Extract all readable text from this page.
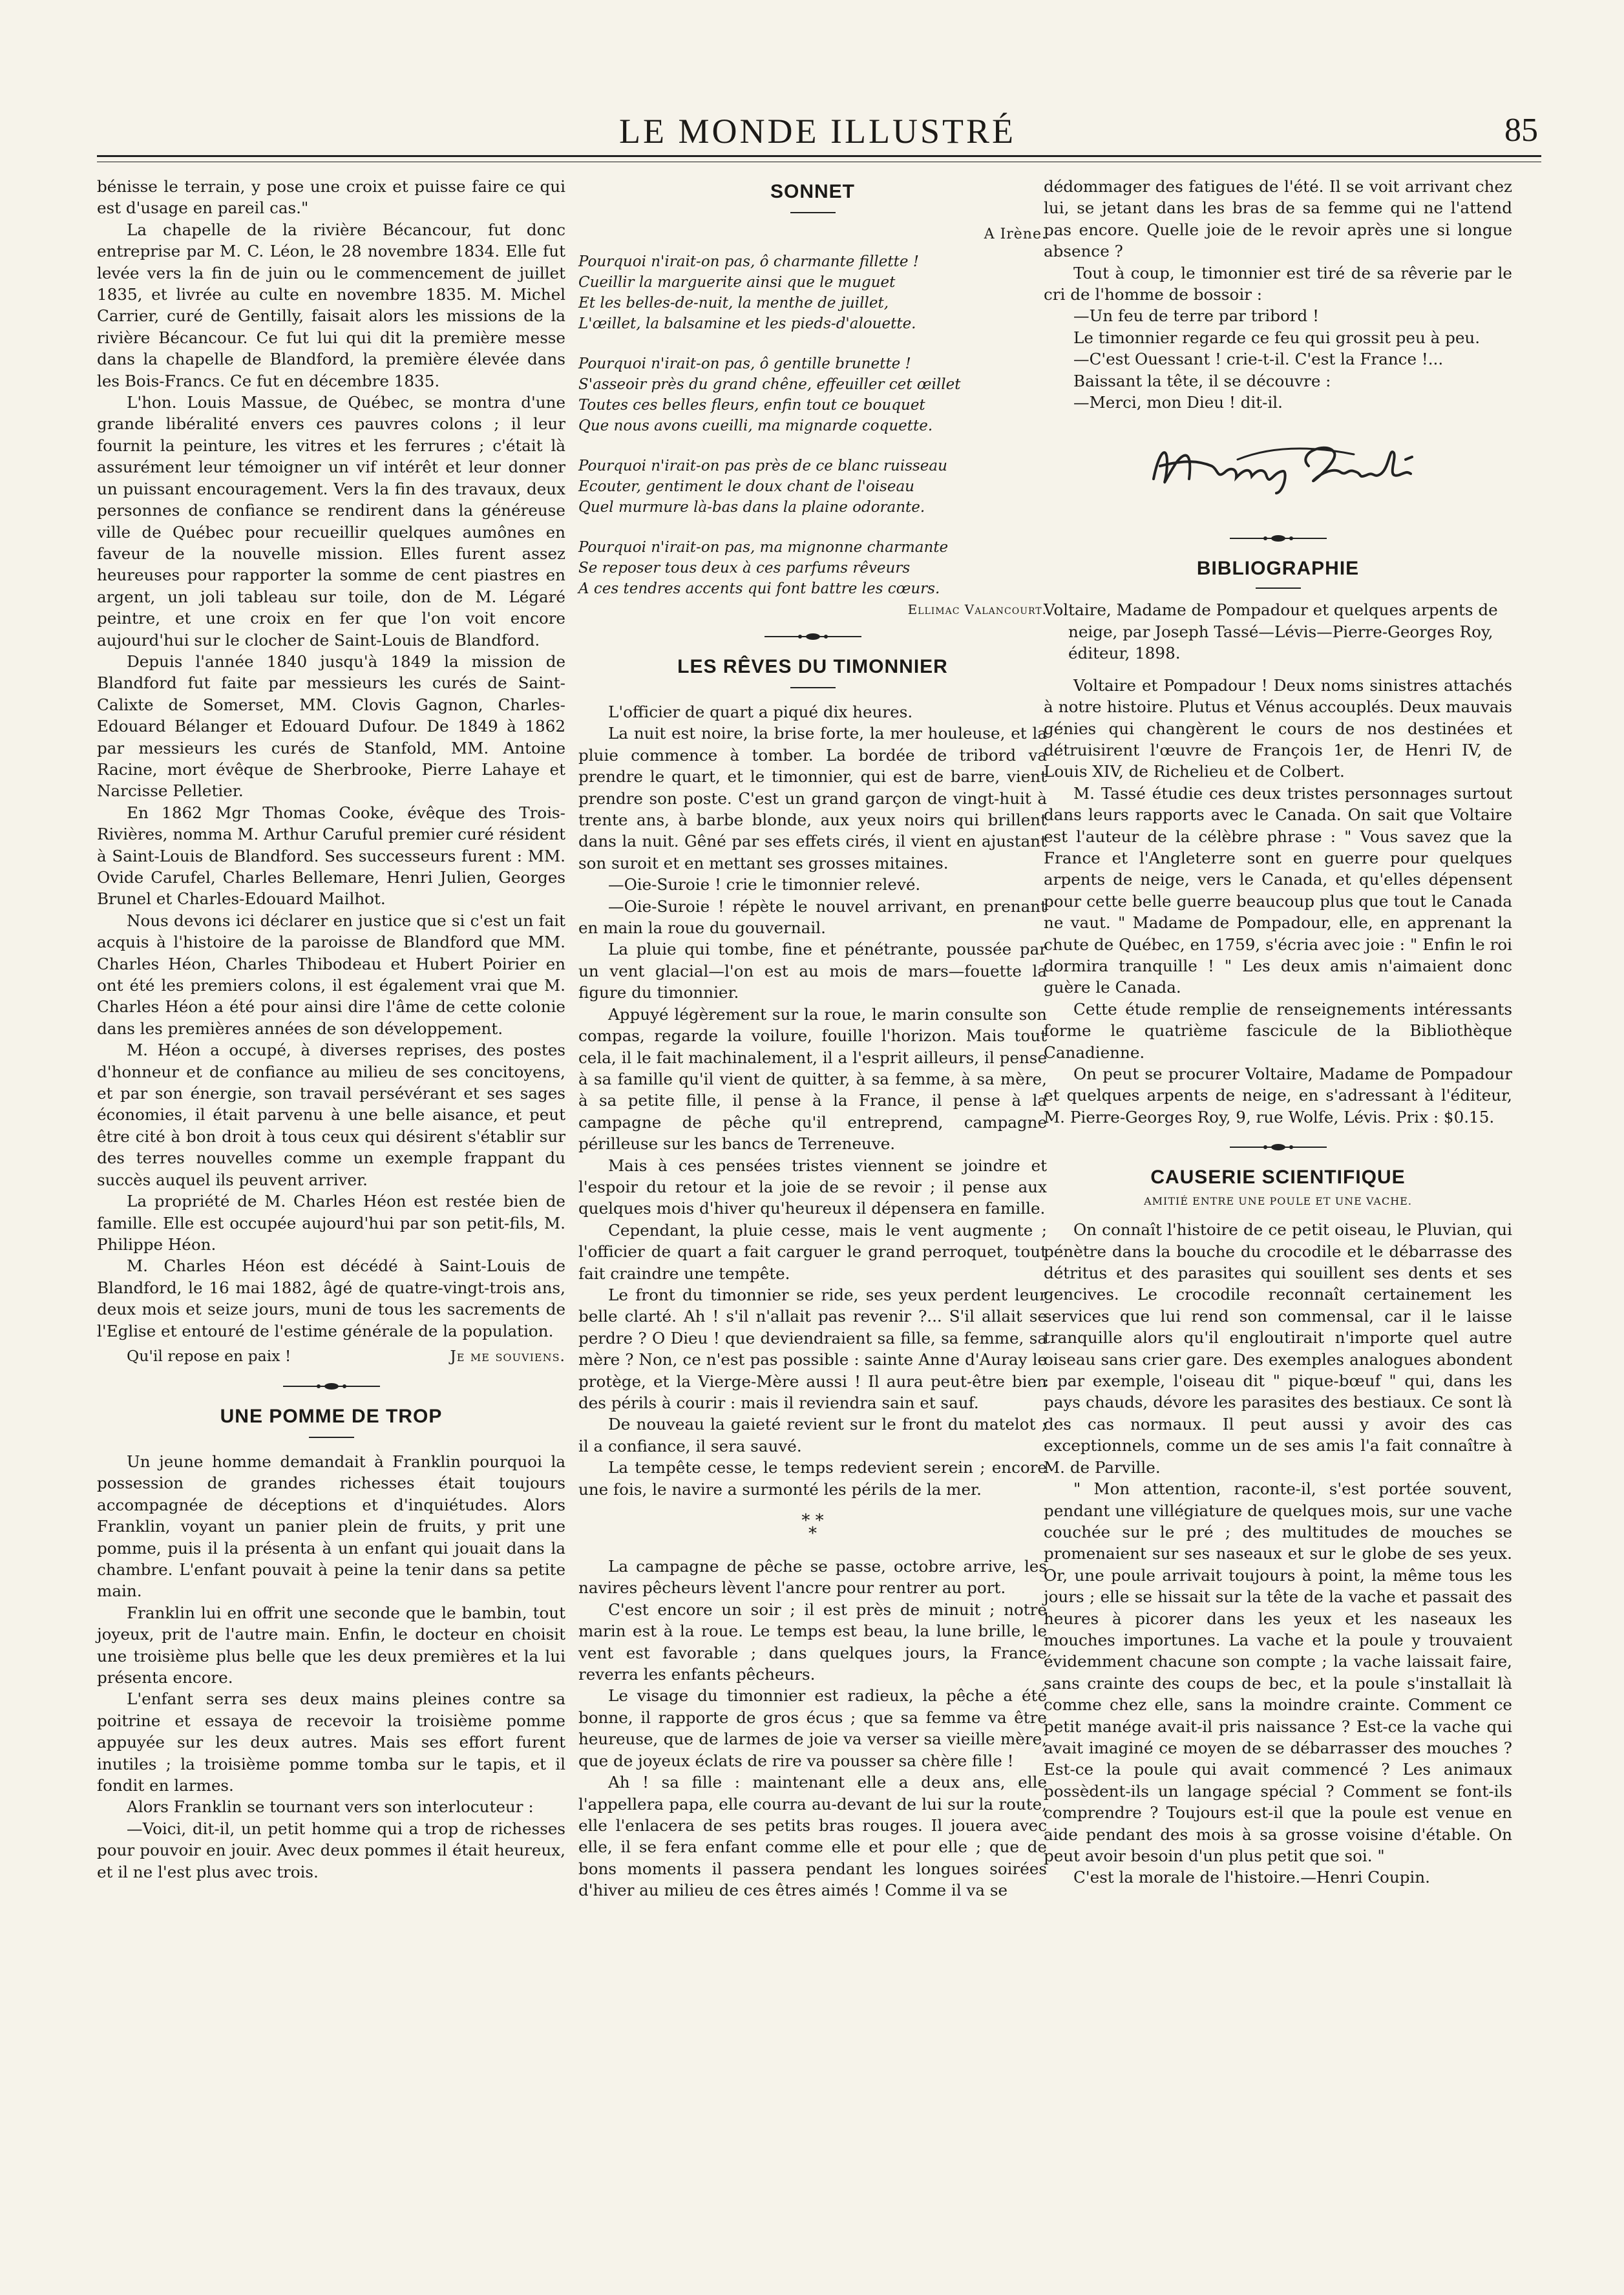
LE MONDE ILLUSTRÉ	85

bénisse le terrain, y pose une croix et puisse faire ce qui est d'usage en pareil cas."

La chapelle de la rivière Bécancour, fut donc entreprise par M. C. Léon, le 28 novembre 1834. Elle fut levée vers la fin de juin ou le commencement de juillet 1835, et livrée au culte en novembre 1835. M. Michel Carrier, curé de Gentilly, faisait alors les missions de la rivière Bécancour. Ce fut lui qui dit la première messe dans la chapelle de Blandford, la première élevée dans les Bois-Francs. Ce fut en décembre 1835.

L'hon. Louis Massue, de Québec, se montra d'une grande libéralité envers ces pauvres colons ; il leur fournit la peinture, les vitres et les ferrures ; c'était là assurément leur témoigner un vif intérêt et leur donner un puissant encouragement. Vers la fin des travaux, deux personnes de confiance se rendirent dans la généreuse ville de Québec pour recueillir quelques aumônes en faveur de la nouvelle mission. Elles furent assez heureuses pour rapporter la somme de cent piastres en argent, un joli tableau sur toile, don de M. Légaré peintre, et une croix en fer que l'on voit encore aujourd'hui sur le clocher de Saint-Louis de Blandford.

Depuis l'année 1840 jusqu'à 1849 la mission de Blandford fut faite par messieurs les curés de Saint-Calixte de Somerset, MM. Clovis Gagnon, Charles-Edouard Bélanger et Edouard Dufour. De 1849 à 1862 par messieurs les curés de Stanfold, MM. Antoine Racine, mort évêque de Sherbrooke, Pierre Lahaye et Narcisse Pelletier.

En 1862 Mgr Thomas Cooke, évêque des Trois-Rivières, nomma M. Arthur Caruful premier curé résident à Saint-Louis de Blandford. Ses successeurs furent : MM. Ovide Carufel, Charles Bellemare, Henri Julien, Georges Brunel et Charles-Edouard Mailhot.

Nous devons ici déclarer en justice que si c'est un fait acquis à l'histoire de la paroisse de Blandford que MM. Charles Héon, Charles Thibodeau et Hubert Poirier en ont été les premiers colons, il est également vrai que M. Charles Héon a été pour ainsi dire l'âme de cette colonie dans les premières années de son développement.

M. Héon a occupé, à diverses reprises, des postes d'honneur et de confiance au milieu de ses concitoyens, et par son énergie, son travail persévérant et ses sages économies, il était parvenu à une belle aisance, et peut être cité à bon droit à tous ceux qui désirent s'établir sur des terres nouvelles comme un exemple frappant du succès auquel ils peuvent arriver.

La propriété de M. Charles Héon est restée bien de famille. Elle est occupée aujourd'hui par son petit-fils, M. Philippe Héon.

M. Charles Héon est décédé à Saint-Louis de Blandford, le 16 mai 1882, âgé de quatre-vingt-trois ans, deux mois et seize jours, muni de tous les sacrements de l'Eglise et entouré de l'estime générale de la population.

Qu'il repose en paix !	Je me souviens.
UNE POMME DE TROP

Un jeune homme demandait à Franklin pourquoi la possession de grandes richesses était toujours accompagnée de déceptions et d'inquiétudes. Alors Franklin, voyant un panier plein de fruits, y prit une pomme, puis il la présenta à un enfant qui jouait dans la chambre. L'enfant pouvait à peine la tenir dans sa petite main.

Franklin lui en offrit une seconde que le bambin, tout joyeux, prit de l'autre main. Enfin, le docteur en choisit une troisième plus belle que les deux premières et la lui présenta encore.

L'enfant serra ses deux mains pleines contre sa poitrine et essaya de recevoir la troisième pomme appuyée sur les deux autres. Mais ses effort furent inutiles ; la troisième pomme tomba sur le tapis, et il fondit en larmes.

Alors Franklin se tournant vers son interlocuteur :

—Voici, dit-il, un petit homme qui a trop de richesses pour pouvoir en jouir. Avec deux pommes il était heureux, et il ne l'est plus avec trois.

SONNET
A Irène.

Pourquoi n'irait-on pas, ô charmante fillette !

Cueillir la marguerite ainsi que le muguet

Et les belles-de-nuit, la menthe de juillet,

L'œillet, la balsamine et les pieds-d'alouette.

Pourquoi n'irait-on pas, ô gentille brunette !

S'asseoir près du grand chêne, effeuiller cet œillet

Toutes ces belles fleurs, enfin tout ce bouquet

Que nous avons cueilli, ma mignarde coquette.

Pourquoi n'irait-on pas près de ce blanc ruisseau

Ecouter, gentiment le doux chant de l'oiseau

Quel murmure là-bas dans la plaine odorante.

Pourquoi n'irait-on pas, ma mignonne charmante

Se reposer tous deux à ces parfums rêveurs

A ces tendres accents qui font battre les cœurs.

Ellimac Valancourt.
LES RÊVES DU TIMONNIER

L'officier de quart a piqué dix heures.

La nuit est noire, la brise forte, la mer houleuse, et la pluie commence à tomber. La bordée de tribord va prendre le quart, et le timonnier, qui est de barre, vient prendre son poste. C'est un grand garçon de vingt-huit à trente ans, à barbe blonde, aux yeux noirs qui brillent dans la nuit. Gêné par ses effets cirés, il vient en ajustant son suroit et en mettant ses grosses mitaines.

—Oie-Suroie ! crie le timonnier relevé.

—Oie-Suroie ! répète le nouvel arrivant, en prenant en main la roue du gouvernail.

La pluie qui tombe, fine et pénétrante, poussée par un vent glacial—l'on est au mois de mars—fouette la figure du timonnier.

Appuyé légèrement sur la roue, le marin consulte son compas, regarde la voilure, fouille l'horizon. Mais tout cela, il le fait machinalement, il a l'esprit ailleurs, il pense à sa famille qu'il vient de quitter, à sa femme, à sa mère, à sa petite fille, il pense à la France, il pense à la campagne de pêche qu'il entreprend, campagne périlleuse sur les bancs de Terreneuve.

Mais à ces pensées tristes viennent se joindre et l'espoir du retour et la joie de se revoir ; il pense aux quelques mois d'hiver qu'heureux il dépensera en famille.

Cependant, la pluie cesse, mais le vent augmente ; l'officier de quart a fait carguer le grand perroquet, tout fait craindre une tempête.

Le front du timonnier se ride, ses yeux perdent leur belle clarté. Ah ! s'il n'allait pas revenir ?... S'il allait se perdre ? O Dieu ! que deviendraient sa fille, sa femme, sa mère ? Non, ce n'est pas possible : sainte Anne d'Auray le protège, et la Vierge-Mère aussi ! Il aura peut-être bien des périls à courir : mais il reviendra sain et sauf.

De nouveau la gaieté revient sur le front du matelot ; il a confiance, il sera sauvé.

La tempête cesse, le temps redevient serein ; encore une fois, le navire a surmonté les périls de la mer.

* *
*

La campagne de pêche se passe, octobre arrive, les navires pêcheurs lèvent l'ancre pour rentrer au port.

C'est encore un soir ; il est près de minuit ; notre marin est à la roue. Le temps est beau, la lune brille, le vent est favorable ; dans quelques jours, la France reverra les enfants pêcheurs.

Le visage du timonnier est radieux, la pêche a été bonne, il rapporte de gros écus ; que sa femme va être heureuse, que de larmes de joie va verser sa vieille mère, que de joyeux éclats de rire va pousser sa chère fille !

Ah ! sa fille : maintenant elle a deux ans, elle l'appellera papa, elle courra au-devant de lui sur la route, elle l'enlacera de ses petits bras rouges. Il jouera avec elle, il se fera enfant comme elle et pour elle ; que de bons moments il passera pendant les longues soirées d'hiver au milieu de ces êtres aimés ! Comme il va se

dédommager des fatigues de l'été. Il se voit arrivant chez lui, se jetant dans les bras de sa femme qui ne l'attend pas encore. Quelle joie de le revoir après une si longue absence ?

Tout à coup, le timonnier est tiré de sa rêverie par le cri de l'homme de bossoir :

—Un feu de terre par tribord !

Le timonnier regarde ce feu qui grossit peu à peu.

—C'est Ouessant ! crie-t-il. C'est la France !...

Baissant la tête, il se découvre :

—Merci, mon Dieu ! dit-il.

BIBLIOGRAPHIE

Voltaire, Madame de Pompadour et quelques arpents de neige, par Joseph Tassé—Lévis—Pierre-Georges Roy, éditeur, 1898.

Voltaire et Pompadour ! Deux noms sinistres attachés à notre histoire. Plutus et Vénus accouplés. Deux mauvais génies qui changèrent le cours de nos destinées et détruisirent l'œuvre de François 1er, de Henri IV, de Louis XIV, de Richelieu et de Colbert.

M. Tassé étudie ces deux tristes personnages surtout dans leurs rapports avec le Canada. On sait que Voltaire est l'auteur de la célèbre phrase : " Vous savez que la France et l'Angleterre sont en guerre pour quelques arpents de neige, vers le Canada, et qu'elles dépensent pour cette belle guerre beaucoup plus que tout le Canada ne vaut. " Madame de Pompadour, elle, en apprenant la chute de Québec, en 1759, s'écria avec joie : " Enfin le roi dormira tranquille ! " Les deux amis n'aimaient donc guère le Canada.

Cette étude remplie de renseignements intéressants forme le quatrième fascicule de la Bibliothèque Canadienne.

On peut se procurer Voltaire, Madame de Pompadour et quelques arpents de neige, en s'adressant à l'éditeur, M. Pierre-Georges Roy, 9, rue Wolfe, Lévis. Prix : $0.15.

CAUSERIE SCIENTIFIQUE
AMITIÉ ENTRE UNE POULE ET UNE VACHE.

On connaît l'histoire de ce petit oiseau, le Pluvian, qui pénètre dans la bouche du crocodile et le débarrasse des détritus et des parasites qui souillent ses dents et ses gencives. Le crocodile reconnaît certainement les services que lui rend son commensal, car il le laisse tranquille alors qu'il engloutirait n'importe quel autre oiseau sans crier gare. Des exemples analogues abondent : par exemple, l'oiseau dit " pique-bœuf " qui, dans les pays chauds, dévore les parasites des bestiaux. Ce sont là des cas normaux. Il peut aussi y avoir des cas exceptionnels, comme un de ses amis l'a fait connaître à M. de Parville.

" Mon attention, raconte-il, s'est portée souvent, pendant une villégiature de quelques mois, sur une vache couchée sur le pré ; des multitudes de mouches se promenaient sur ses naseaux et sur le globe de ses yeux. Or, une poule arrivait toujours à point, la même tous les jours ; elle se hissait sur la tête de la vache et passait des heures à picorer dans les yeux et les naseaux les mouches importunes. La vache et la poule y trouvaient évidemment chacune son compte ; la vache laissait faire, sans crainte des coups de bec, et la poule s'installait là comme chez elle, sans la moindre crainte. Comment ce petit manége avait-il pris naissance ? Est-ce la vache qui avait imaginé ce moyen de se débarrasser des mouches ? Est-ce la poule qui avait commencé ? Les animaux possèdent-ils un langage spécial ? Comment se font-ils comprendre ? Toujours est-il que la poule est venue en aide pendant des mois à sa grosse voisine d'étable. On peut avoir besoin d'un plus petit que soi. "

C'est la morale de l'histoire.—Henri Coupin.
